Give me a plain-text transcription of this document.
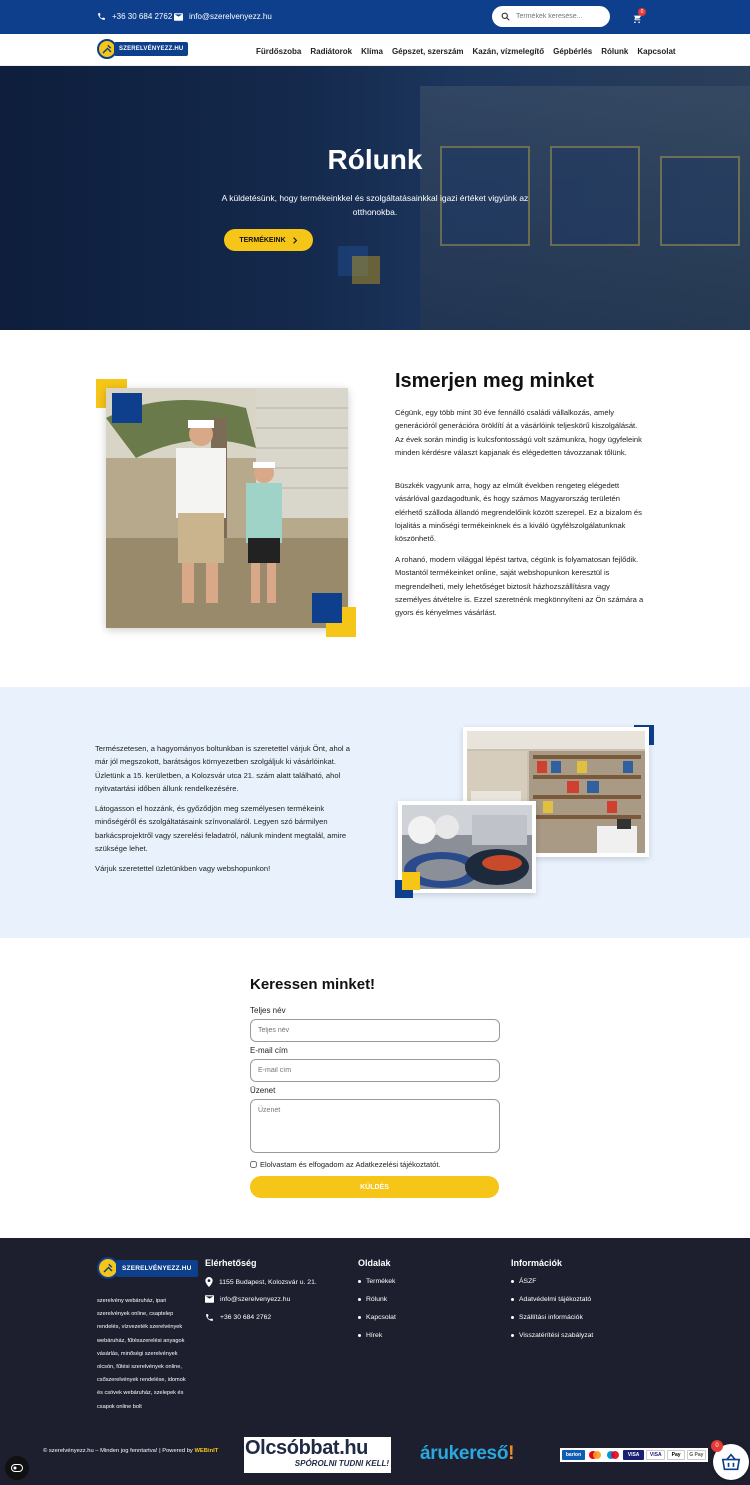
+36 30 684 2762 info@szerelvenyezz.hu
Termékek keresése...	0
SZERELVÉNYEZZ.HU	Fürdőszoba Radiátorok Klíma Gépszet, szerszám Kazán, vízmelegítő Gépbérlés Rólunk Kapcsolat
Rólunk

A küldetésünk, hogy termékeinkkel és szolgáltatásainkkal igazi értéket vigyünk az otthonokba.

TERMÉKEINK
Ismerjen meg minket

Cégünk, egy több mint 30 éve fennálló családi vállalkozás, amely generációról generációra öröklítí át a vásárlóink teljeskörű kiszolgálását. Az évek során mindig is kulcsfontosságú volt számunkra, hogy ügyfeleink minden kérdésre választ kapjanak és elégedetten távozzanak tőlünk.

Büszkék vagyunk arra, hogy az elmúlt években rengeteg elégedett vásárlóval gazdagodtunk, és hogy számos Magyarország területén elérhető szálloda állandó megrendelőink között szerepel. Ez a bizalom és lojalitás a minőségi termékeinknek és a kiváló ügyfélszolgálatunknak köszönhető.

A rohanó, modern világgal lépést tartva, cégünk is folyamatosan fejlődik. Mostantól termékeinket online, saját webshopunkon keresztül is megrendelheti, mely lehetőséget biztosít házhozszállításra vagy személyes átvételre is. Ezzel szeretnénk megkönnyíteni az Ön számára a gyors és kényelmes vásárlást.

Természetesen, a hagyományos boltunkban is szeretettel várjuk Önt, ahol a már jól megszokott, barátságos környezetben szolgáljuk ki vásárlóinkat. Üzletünk a 15. kerületben, a Kolozsvár utca 21. szám alatt található, ahol nyitvatartási időben állunk rendelkezésére.

Látogasson el hozzánk, és győződjön meg személyesen termékeink minőségéről és szolgáltatásaink színvonaláról. Legyen szó bármilyen barkácsprojektről vagy szerelési feladatról, nálunk mindent megtalál, amire szüksége lehet.

Várjuk szeretettel üzletünkben vagy webshopunkon!

Keressen minket!
Teljes név
Teljes név
E-mail cím
E-mail cím
Üzenet
Üzenet
Elolvastam és elfogadom az Adatkezelési tájékoztatót.
KÜLDÉS
SZERELVÉNYEZZ.HU

szerelvény webáruház, ipari szerelvények online, csaptelep rendelés, vízvezeték szerelvények webáruház, fűtésszerelési anyagok vásárlás, minőségi szerelvények olcsón, fűtési szerelvények online, csőszerelvények rendelése, idomok és csövek webáruház, szelepek és csapok online bolt

Elérhetőség
1155 Budapest, Kolozsvár u. 21.
info@szerelvenyezz.hu
+36 30 684 2762
Oldalak
Termékek
Rólunk
Kapcsolat
Hírek
Információk
ÁSZF
Adatvédelmi tájékoztató
Szállítási információk
Visszatérítési szabályzat
© szerelvényezz.hu – Minden jog fenntartva! | Powered by WEBinIT Olcsóbbat.hu
SPÓROLNI TUDNI KELL! árukereső!	barion	VISA	VISA	Pay	G Pay
0
